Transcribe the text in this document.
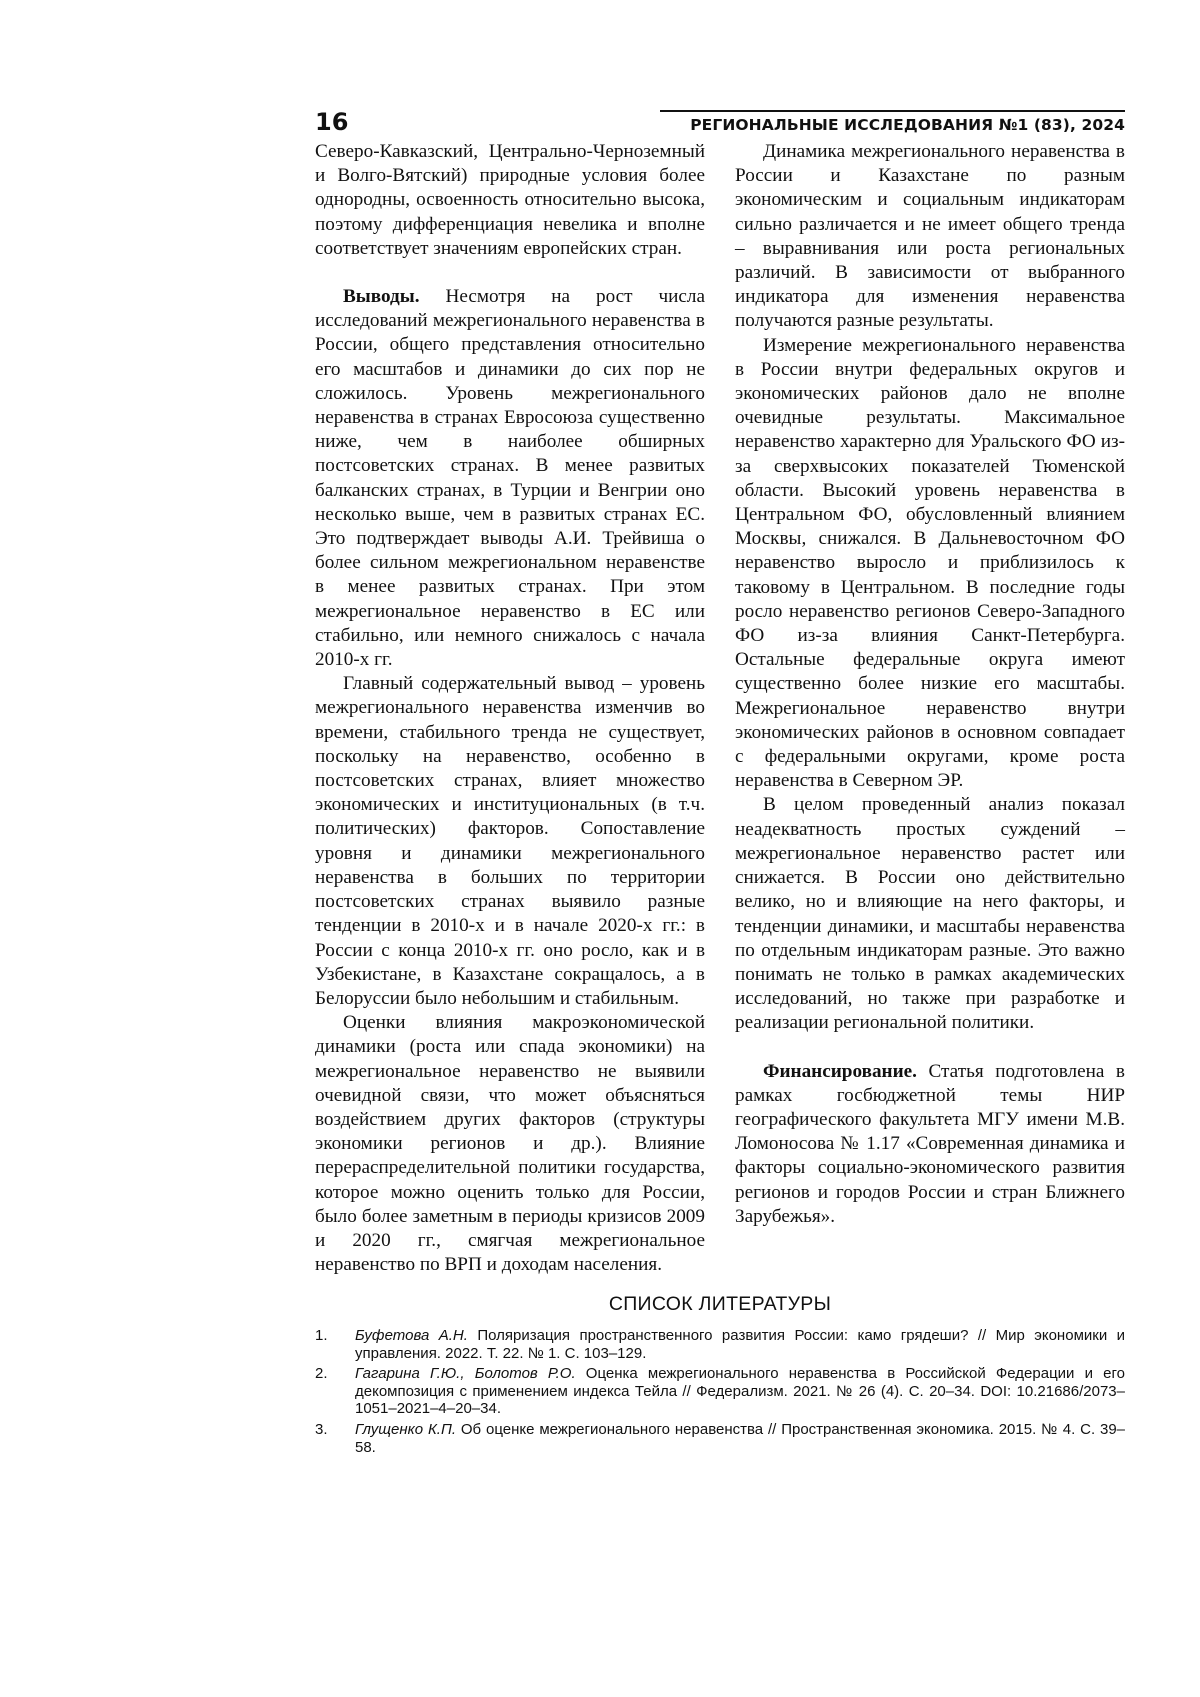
16	РЕГИОНАЛЬНЫЕ ИССЛЕДОВАНИЯ №1 (83), 2024

Северо-Кавказский, Центрально-Черноземный и Волго-Вятский) природные условия более однородны, освоенность относительно высока, поэтому дифференциация невелика и вполне соответствует значениям европейских стран.

Выводы. Несмотря на рост числа исследований межрегионального неравенства в России, общего представления относительно его масштабов и динамики до сих пор не сложилось. Уровень межрегионального неравенства в странах Евросоюза существенно ниже, чем в наиболее обширных постсоветских странах. В менее развитых балканских странах, в Турции и Венгрии оно несколько выше, чем в развитых странах ЕС. Это подтверждает выводы А.И. Трейвиша о более сильном межрегиональном неравенстве в менее развитых странах. При этом межрегиональное неравенство в ЕС или стабильно, или немного снижалось с начала 2010-х гг.

Главный содержательный вывод – уровень межрегионального неравенства изменчив во времени, стабильного тренда не существует, поскольку на неравенство, особенно в постсоветских странах, влияет множество экономических и институциональных (в т.ч. политических) факторов. Сопоставление уровня и динамики межрегионального неравенства в больших по территории постсоветских странах выявило разные тенденции в 2010-х и в начале 2020-х гг.: в России с конца 2010-х гг. оно росло, как и в Узбекистане, в Казахстане сокращалось, а в Белоруссии было небольшим и стабильным.

Оценки влияния макроэкономической динамики (роста или спада экономики) на межрегиональное неравенство не выявили очевидной связи, что может объясняться воздействием других факторов (структуры экономики регионов и др.). Влияние перераспределительной политики государства, которое можно оценить только для России, было более заметным в периоды кризисов 2009 и 2020 гг., смягчая межрегиональное неравенство по ВРП и доходам населения.

Динамика межрегионального неравенства в России и Казахстане по разным экономическим и социальным индикаторам сильно различается и не имеет общего тренда – выравнивания или роста региональных различий. В зависимости от выбранного индикатора для изменения неравенства получаются разные результаты.

Измерение межрегионального неравенства в России внутри федеральных округов и экономических районов дало не вполне очевидные результаты. Максимальное неравенство характерно для Уральского ФО из-за сверхвысоких показателей Тюменской области. Высокий уровень неравенства в Центральном ФО, обусловленный влиянием Москвы, снижался. В Дальневосточном ФО неравенство выросло и приблизилось к таковому в Центральном. В последние годы росло неравенство регионов Северо-Западного ФО из-за влияния Санкт-Петербурга. Остальные федеральные округа имеют существенно более низкие его масштабы. Межрегиональное неравенство внутри экономических районов в основном совпадает с федеральными округами, кроме роста неравенства в Северном ЭР.

В целом проведенный анализ показал неадекватность простых суждений – межрегиональное неравенство растет или снижается. В России оно действительно велико, но и влияющие на него факторы, и тенденции динамики, и масштабы неравенства по отдельным индикаторам разные. Это важно понимать не только в рамках академических исследований, но также при разработке и реализации региональной политики.

Финансирование. Статья подготовлена в рамках госбюджетной темы НИР географического факультета МГУ имени М.В. Ломоносова № 1.17 «Современная динамика и факторы социально-экономического развития регионов и городов России и стран Ближнего Зарубежья».

СПИСОК ЛИТЕРАТУРЫ
1. Буфетова А.Н. Поляризация пространственного развития России: камо грядеши? // Мир экономики и управления. 2022. Т. 22. № 1. С. 103–129.
2. Гагарина Г.Ю., Болотов Р.О. Оценка межрегионального неравенства в Российской Федерации и его декомпозиция с применением индекса Тейла // Федерализм. 2021. № 26 (4). С. 20–34. DOI: 10.21686/2073–1051–2021–4–20–34.
3. Глущенко К.П. Об оценке межрегионального неравенства // Пространственная экономика. 2015. № 4. С. 39–58.
